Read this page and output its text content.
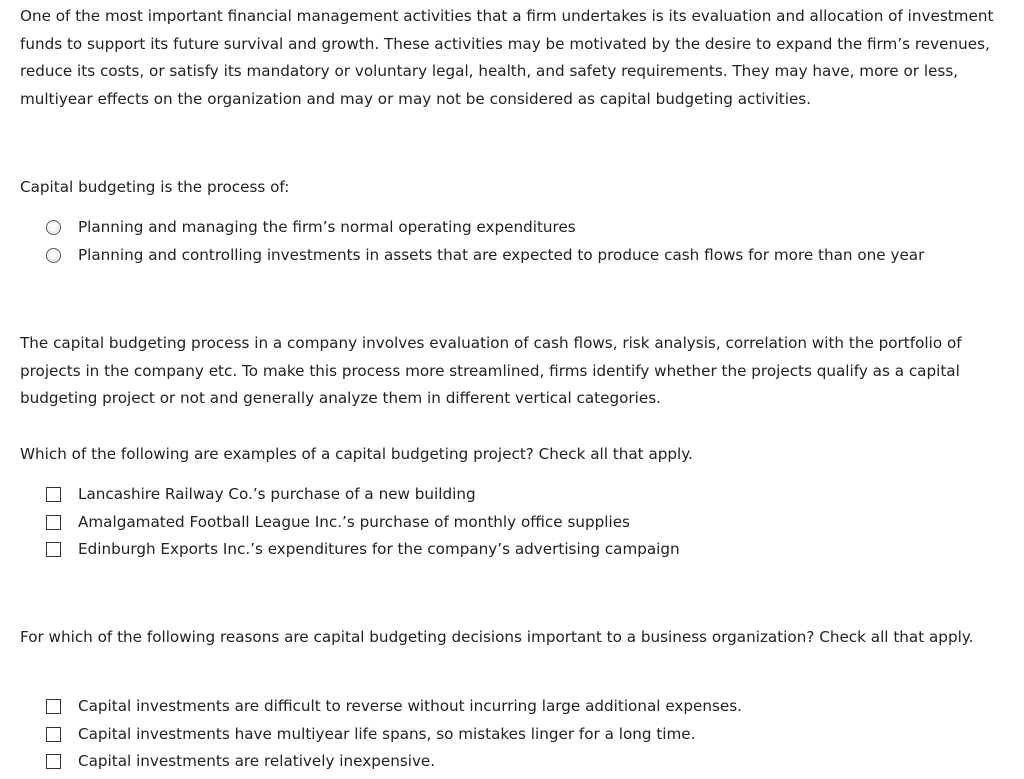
One of the most important financial management activities that a firm undertakes is its evaluation and allocation of investment funds to support its future survival and growth. These activities may be motivated by the desire to expand the firm’s revenues, reduce its costs, or satisfy its mandatory or voluntary legal, health, and safety requirements. They may have, more or less, multiyear effects on the organization and may or may not be considered as capital budgeting activities.

Capital budgeting is the process of:

Planning and managing the firm’s normal operating expenditures
Planning and controlling investments in assets that are expected to produce cash flows for more than one year

The capital budgeting process in a company involves evaluation of cash flows, risk analysis, correlation with the portfolio of projects in the company etc. To make this process more streamlined, firms identify whether the projects qualify as a capital budgeting project or not and generally analyze them in different vertical categories.

Which of the following are examples of a capital budgeting project? Check all that apply.

Lancashire Railway Co.’s purchase of a new building
Amalgamated Football League Inc.’s purchase of monthly office supplies
Edinburgh Exports Inc.’s expenditures for the company’s advertising campaign

For which of the following reasons are capital budgeting decisions important to a business organization? Check all that apply.

Capital investments are difficult to reverse without incurring large additional expenses.
Capital investments have multiyear life spans, so mistakes linger for a long time.
Capital investments are relatively inexpensive.
